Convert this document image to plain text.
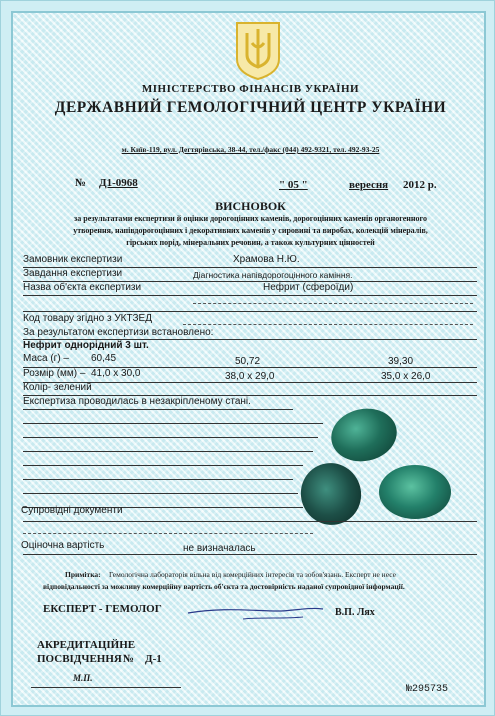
МІНІСТЕРСТВО ФІНАНСІВ УКРАЇНИ
ДЕРЖАВНИЙ ГЕМОЛОГІЧНИЙ ЦЕНТР УКРАЇНИ
м. Київ-119, вул. Дегтярівська, 38-44, тел./факс (044) 492-9321, тел. 492-93-25
№ Д1-0968	" 05 "	вересня 2012 р.
ВИСНОВОК
за результатами експертизи й оцінки дорогоцінних каменів, дорогоцінних каменів органогенного
утворення, напівдорогоцінних і декоративних каменів у сировині та виробах, колекцій мінералів,
гірських порід, мінеральних речовин, а також культурних цінностей
Замовник експертизи	Храмова Н.Ю.
Завдання експертизи	Діагностика напівдорогоцінного каміння.
Назва об'єкта експертизи	Нефрит (сфероїди)
Код товару згідно з УКТЗЕД
За результатом експертизи встановлено:
Нефрит однорідний 3 шт.
Маса (г) – 60,45	50,72	39,30
Розмір (мм) – 41,0 x 30,0	38,0 x 29,0	35,0 x 26,0
Колір- зелений
Експертиза проводилась в незакріпленому стані.
Супровідні документи
Оціночна вартість	не визначалась
Примітка: Гемологічна лабораторія вільна від комерційних інтересів та зобов'язань. Експерт не несе
відповідальності за можливу комерційну вартість об'єкта та достовірність наданої супровідної інформації.
ЕКСПЕРТ - ГЕМОЛОГ	В.П. Лях
АКРЕДИТАЦІЙНЕ
ПОСВІДЧЕННЯ № Д-1
М.П.
№295735
